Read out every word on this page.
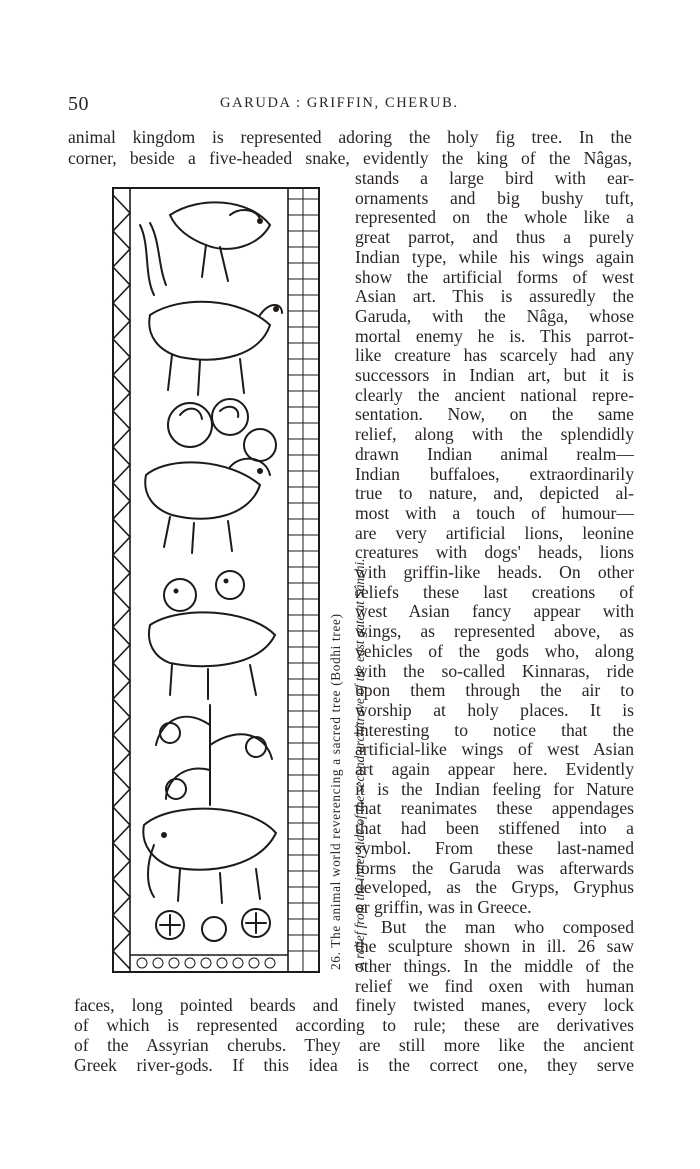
50	GARUDA : GRIFFIN, CHERUB.
animal kingdom is represented adoring the holy fig tree. In the
corner, beside a five-headed snake, evidently the king of the Nâgas,
stands a large bird with ear-
ornaments and big bushy tuft,
represented on the whole like a
great parrot, and thus a purely
Indian type, while his wings again
show the artificial forms of west
Asian art. This is assuredly the
Garuda, with the Nâga, whose
mortal enemy he is. This parrot-
like creature has scarcely had any
successors in Indian art, but it is
clearly the ancient national repre-
sentation. Now, on the same
relief, along with the splendidly
drawn Indian animal realm—
Indian buffaloes, extraordinarily
true to nature, and, depicted al-
most with a touch of humour—
are very artificial lions, leonine
creatures with dogs' heads, lions
with griffin-like heads. On other
reliefs these last creations of
west Asian fancy appear with
wings, as represented above, as
vehicles of the gods who, along
with the so-called Kinnaras, ride
upon them through the air to
worship at holy places. It is
interesting to notice that the
artificial-like wings of west Asian
art again appear here. Evidently
it is the Indian feeling for Nature
that reanimates these appendages
that had been stiffened into a
symbol. From these last-named
forms the Garuda was afterwards
developed, as the Gryps, Gryphus
or griffin, was in Greece.
But the man who composed
the sculpture shown in ill. 26 saw
other things. In the middle of the
relief we find oxen with human
faces, long pointed beards and finely twisted manes, every lock
of which is represented according to rule; these are derivatives
of the Assyrian cherubs. They are still more like the ancient
Greek river-gods. If this idea is the correct one, they serve
26. The animal world reverencing a sacred tree (Bodhi tree) A relief from the inner side of the second architrave of the east gate at Sânchi.
